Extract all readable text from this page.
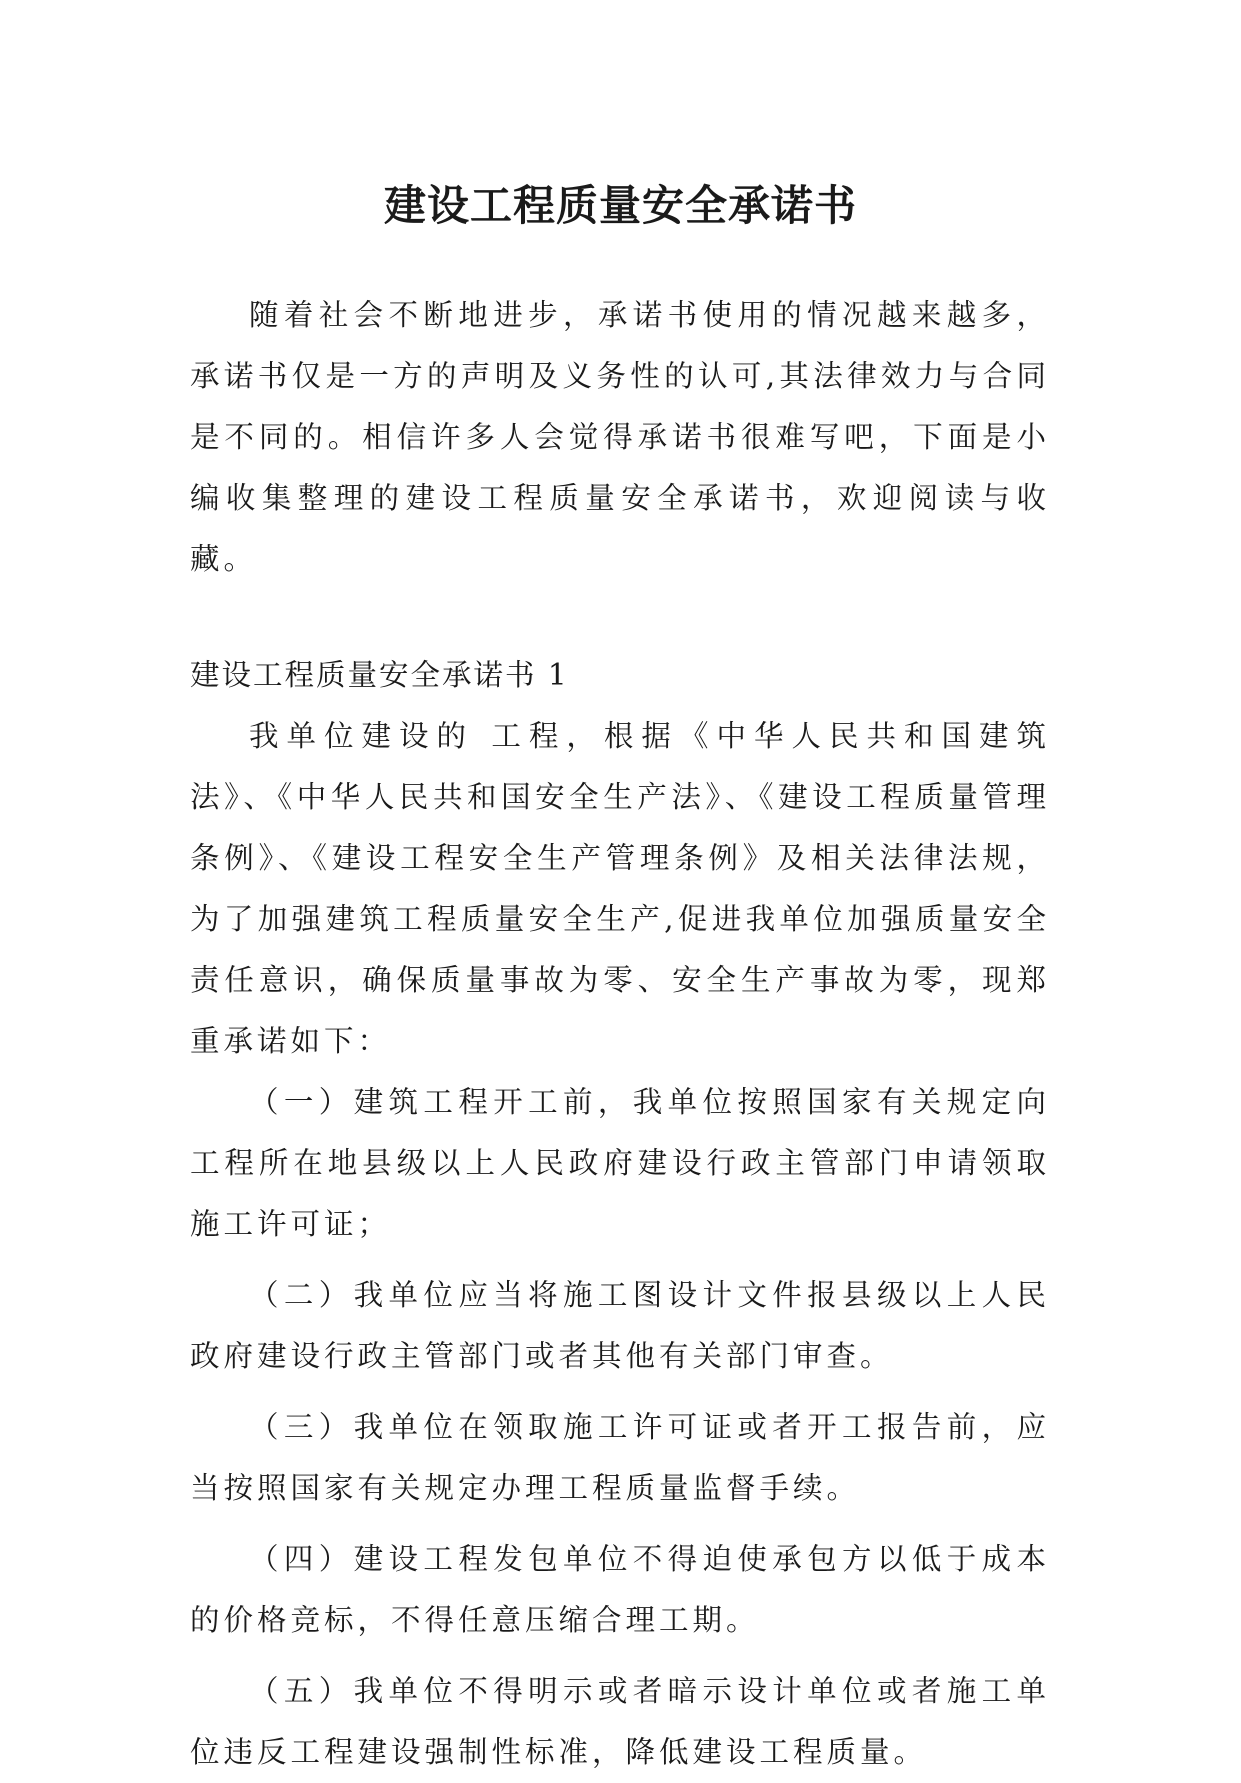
建设工程质量安全承诺书

随着社会不断地进步，承诺书使用的情况越来越多，承诺书仅是一方的声明及义务性的认可,其法律效力与合同是不同的。相信许多人会觉得承诺书很难写吧，下面是小编收集整理的建设工程质量安全承诺书，欢迎阅读与收藏。

建设工程质量安全承诺书 1

我单位建设的 工程，根据《中华人民共和国建筑法》、《中华人民共和国安全生产法》、《建设工程质量管理条例》、《建设工程安全生产管理条例》及相关法律法规，为了加强建筑工程质量安全生产,促进我单位加强质量安全责任意识，确保质量事故为零、安全生产事故为零，现郑重承诺如下：

（一）建筑工程开工前，我单位按照国家有关规定向工程所在地县级以上人民政府建设行政主管部门申请领取施工许可证；

（二）我单位应当将施工图设计文件报县级以上人民政府建设行政主管部门或者其他有关部门审查。

（三）我单位在领取施工许可证或者开工报告前，应当按照国家有关规定办理工程质量监督手续。

（四）建设工程发包单位不得迫使承包方以低于成本的价格竞标，不得任意压缩合理工期。

（五）我单位不得明示或者暗示设计单位或者施工单位违反工程建设强制性标准，降低建设工程质量。
